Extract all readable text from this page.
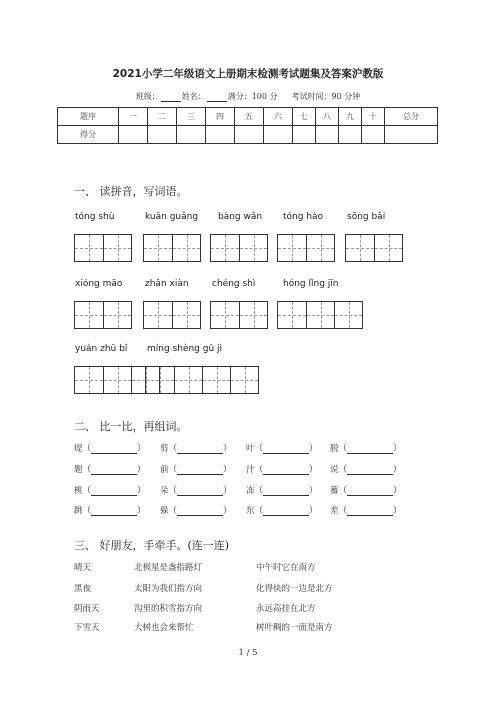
2021小学二年级语文上册期末检测考试题集及答案沪教版
班级：	姓名：	满分：100 分 考试时间：90 分钟
题序	一	二	三	四	五	六	七	八	九	十	总分
得分											
一、 读拼音，写词语。
tóng shù	kuān guǎng bàng wǎn tóng hào	sōng bǎi
xióng māo	zhǎn xiàn	chéng shì	hóng lǐng jīn
yuán zhū bǐ míng shèng gǔ jì
二、 比一比，再组词。
堤（	） 剪（	） 叶（	） 脱（	）
题（	） 前（	） 汁（	） 说（	）
桃（	） 朵（	） 冻（	） 蓄（	）
跳（	） 躲（	） 东（	） 差（	）
三、 好朋友，手牵手。(连一连)
晴天	北极星是盏指路灯	中午时它在南方
黑夜	太阳为我们指方向	化得快的一边是北方
阴雨天	沟里的积雪指方向	永远高挂在北方
下雪天	大树也会来帮忙	树叶稠的一面是南方
1 / 5
